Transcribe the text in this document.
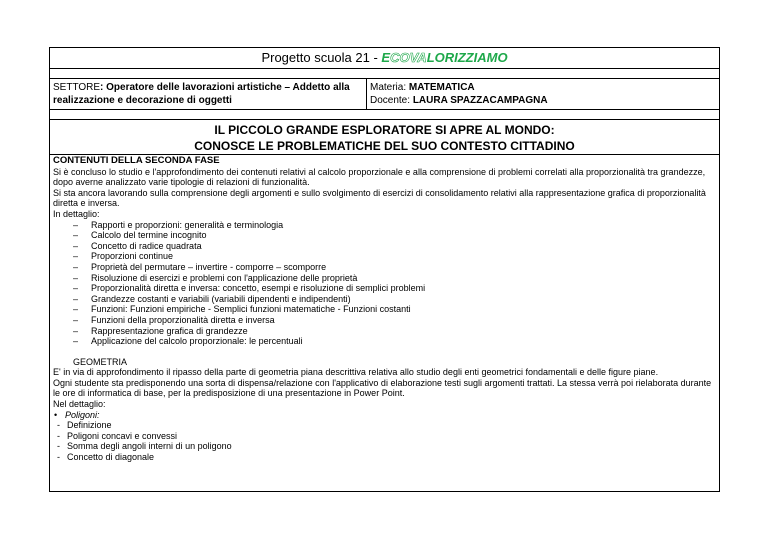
Progetto scuola 21 - ECOVALORIZZIAMO

SETTORE: Operatore delle lavorazioni artistiche – Addetto alla realizzazione e decorazione di oggetti	
Materia: MATEMATICA
Docente: LAURA SPAZZACAMPAGNA

IL PICCOLO GRANDE ESPLORATORE SI APRE AL MONDO:
CONOSCE LE PROBLEMATICHE DEL SUO CONTESTO CITTADINO

CONTENUTI DELLA SECONDA FASE
Si è concluso lo studio e l'approfondimento dei contenuti relativi al calcolo proporzionale e alla comprensione di problemi correlati alla proporzionalità tra grandezze, dopo averne analizzato varie tipologie di relazioni di funzionalità.
Si sta ancora lavorando sulla comprensione degli argomenti e sullo svolgimento di esercizi di consolidamento relativi alla rappresentazione grafica di proporzionalità diretta e inversa.
In dettaglio:
– Rapporti e proporzioni: generalità e terminologia
– Calcolo del termine incognito
– Concetto di radice quadrata
– Proporzioni continue
– Proprietà del permutare – invertire - comporre – scomporre
– Risoluzione di esercizi e problemi con l'applicazione delle proprietà
– Proporzionalità diretta e inversa: concetto, esempi e risoluzione di semplici problemi
– Grandezze costanti e variabili (variabili dipendenti e indipendenti)
– Funzioni: Funzioni empiriche - Semplici funzioni matematiche - Funzioni costanti
– Funzioni della proporzionalità diretta e inversa
– Rappresentazione grafica di grandezze
– Applicazione del calcolo proporzionale: le percentuali
GEOMETRIA
E' in via di approfondimento il ripasso della parte di geometria piana descrittiva relativa allo studio degli enti geometrici fondamentali e delle figure piane.
Ogni studente sta predisponendo una sorta di dispensa/relazione con l'applicativo di elaborazione testi sugli argomenti trattati. La stessa verrà poi rielaborata durante le ore di informatica di base, per la predisposizione di una presentazione in Power Point.
Nel dettaglio:
• Poligoni:
- Definizione
- Poligoni concavi e convessi
- Somma degli angoli interni di un poligono
- Concetto di diagonale
